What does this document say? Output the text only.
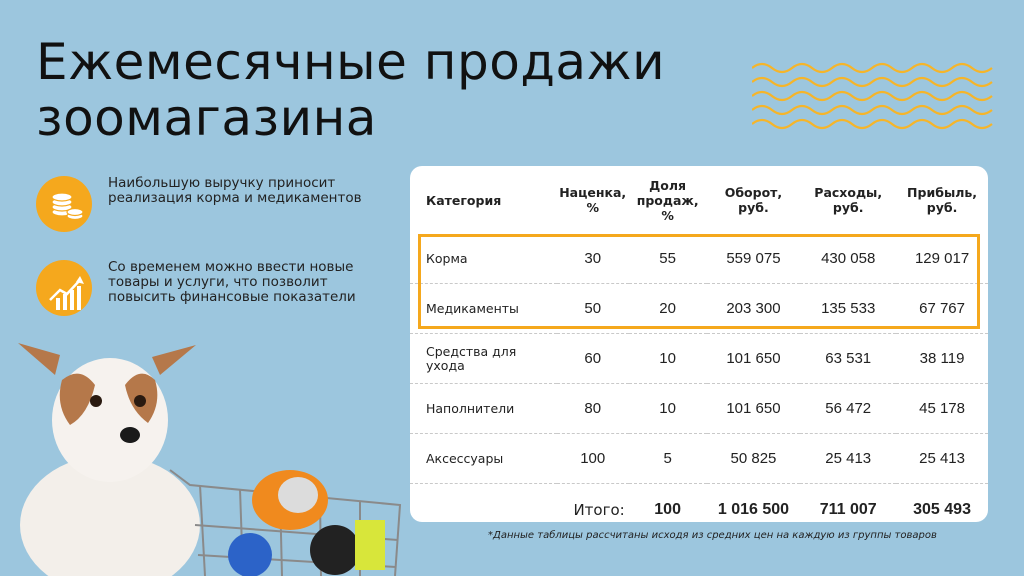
Ежемесячные продажи зоомагазина
Наибольшую выручку приносит реализация корма и медикаментов
Со временем можно ввести новые товары и услуги, что позволит повысить финансовые показатели
Категория	Наценка, %	Доля продаж, %	Оборот, руб.	Расходы, руб.	Прибыль, руб.
Корма	30	55	559 075	430 058	129 017
Медикаменты	50	20	203 300	135 533	67 767
Средства для ухода	60	10	101 650	63 531	38 119
Наполнители	80	10	101 650	56 472	45 178
Аксессуары	100	5	50 825	25 413	25 413
Итого:		100	1 016 500	711 007	305 493
*Данные таблицы рассчитаны исходя из средних цен на каждую из группы товаров
